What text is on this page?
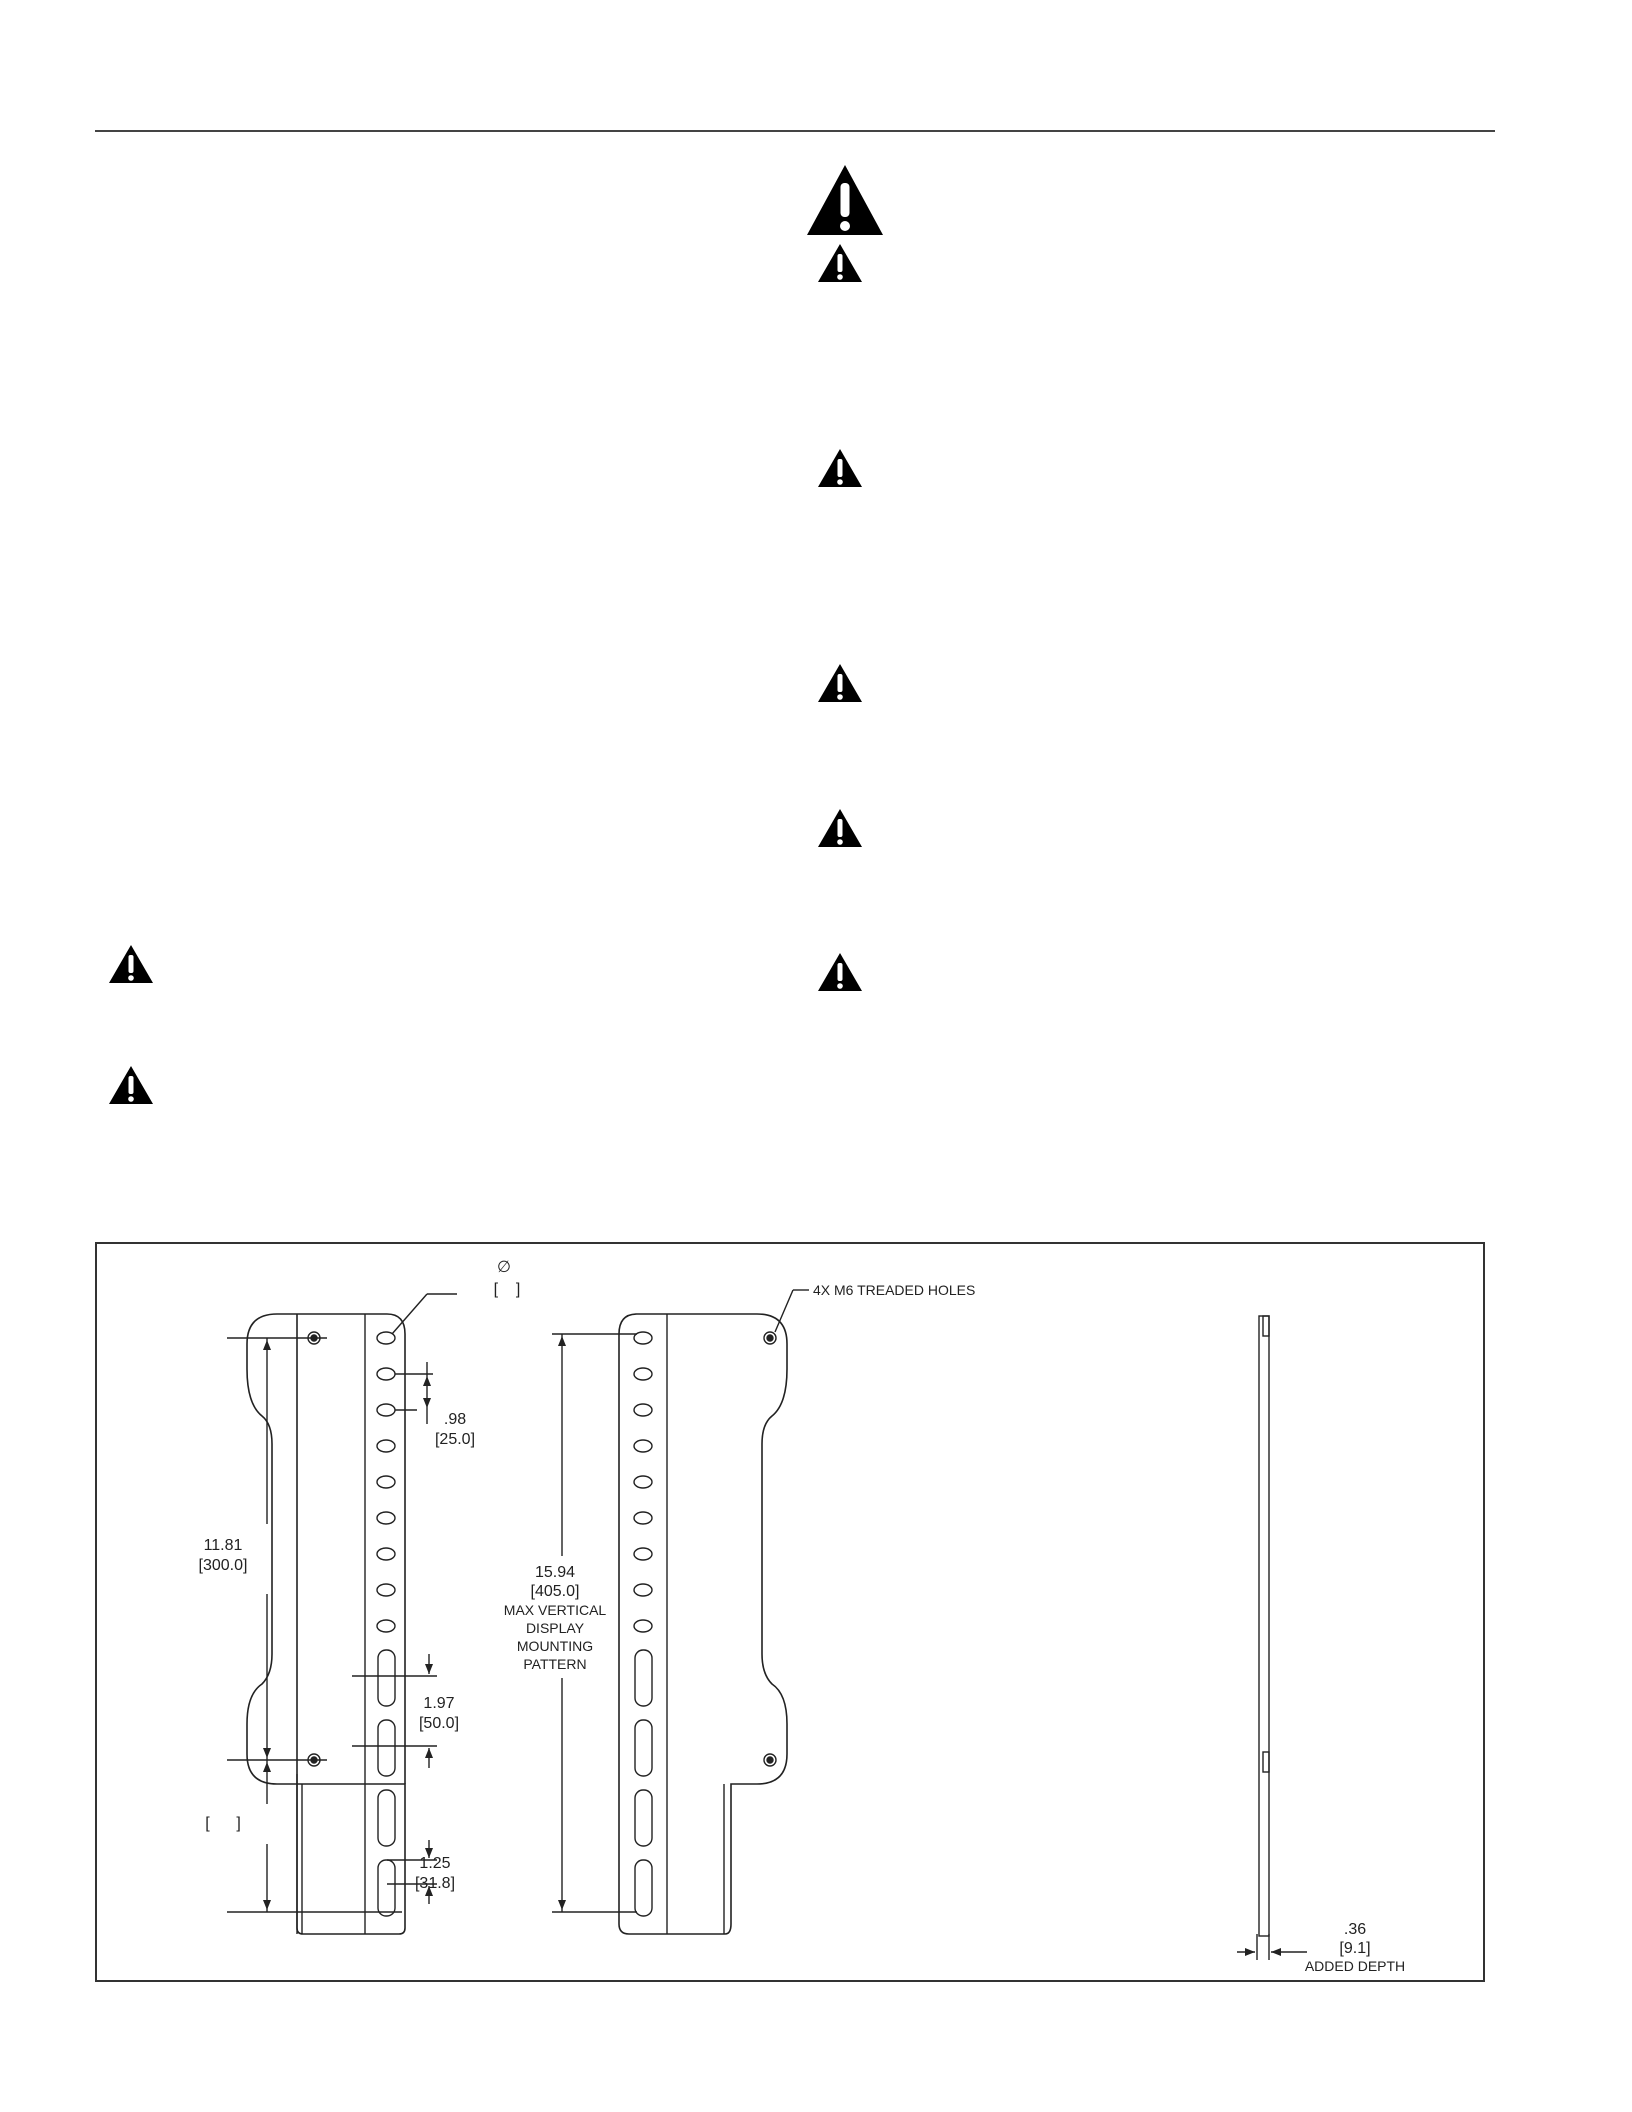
∅
[    ]
.98
[25.0]
11.81
[300.0]
1.97
[50.0]
[      ]
1.25
[31.8]
4X M6 TREADED HOLES
15.94
[405.0]
MAX VERTICAL
DISPLAY
MOUNTING
PATTERN
.36
[9.1]
ADDED DEPTH
